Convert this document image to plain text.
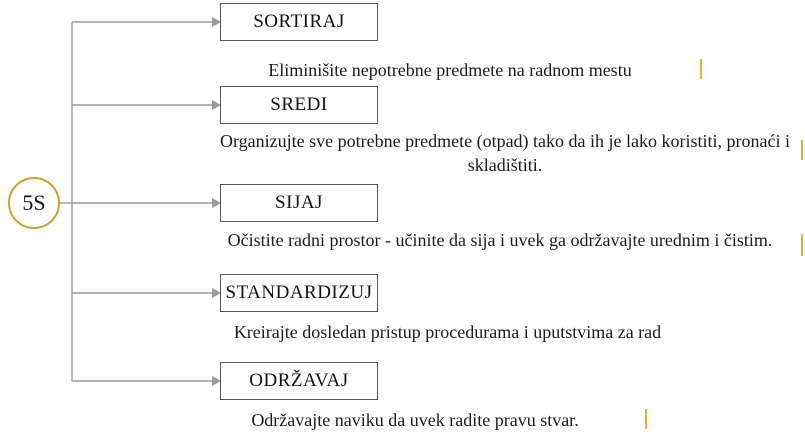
5S
SORTIRAJ
Eliminišite nepotrebne predmete na radnom mestu
SREDI
Organizujte sve potrebne predmete (otpad) tako da ih je lako koristiti, pronaći i skladištiti.
SIJAJ
Očistite radni prostor - učinite da sija i uvek ga održavajte urednim i čistim.
STANDARDIZUJ
Kreirajte dosledan pristup procedurama i uputstvima za rad
ODRŽAVAJ
Održavajte naviku da uvek radite pravu stvar.
